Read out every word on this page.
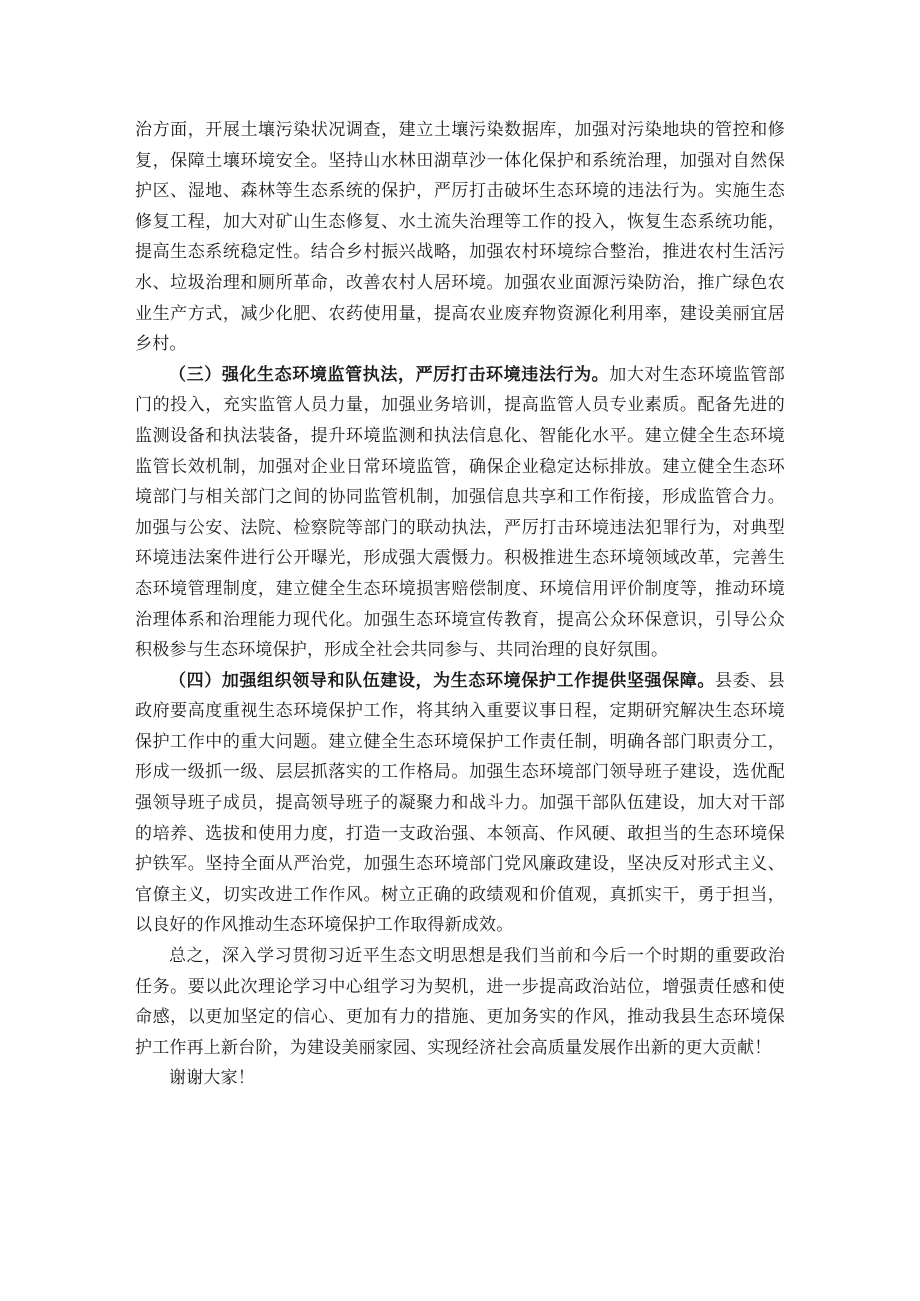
治方面，开展土壤污染状况调查，建立土壤污染数据库，加强对污染地块的管控和修复，保障土壤环境安全。坚持山水林田湖草沙一体化保护和系统治理，加强对自然保护区、湿地、森林等生态系统的保护，严厉打击破坏生态环境的违法行为。实施生态修复工程，加大对矿山生态修复、水土流失治理等工作的投入，恢复生态系统功能，提高生态系统稳定性。结合乡村振兴战略，加强农村环境综合整治，推进农村生活污水、垃圾治理和厕所革命，改善农村人居环境。加强农业面源污染防治，推广绿色农业生产方式，减少化肥、农药使用量，提高农业废弃物资源化利用率，建设美丽宜居乡村。

（三）强化生态环境监管执法，严厉打击环境违法行为。加大对生态环境监管部门的投入，充实监管人员力量，加强业务培训，提高监管人员专业素质。配备先进的监测设备和执法装备，提升环境监测和执法信息化、智能化水平。建立健全生态环境监管长效机制，加强对企业日常环境监管，确保企业稳定达标排放。建立健全生态环境部门与相关部门之间的协同监管机制，加强信息共享和工作衔接，形成监管合力。加强与公安、法院、检察院等部门的联动执法，严厉打击环境违法犯罪行为，对典型环境违法案件进行公开曝光，形成强大震慑力。积极推进生态环境领域改革，完善生态环境管理制度，建立健全生态环境损害赔偿制度、环境信用评价制度等，推动环境治理体系和治理能力现代化。加强生态环境宣传教育，提高公众环保意识，引导公众积极参与生态环境保护，形成全社会共同参与、共同治理的良好氛围。

（四）加强组织领导和队伍建设，为生态环境保护工作提供坚强保障。县委、县政府要高度重视生态环境保护工作，将其纳入重要议事日程，定期研究解决生态环境保护工作中的重大问题。建立健全生态环境保护工作责任制，明确各部门职责分工，形成一级抓一级、层层抓落实的工作格局。加强生态环境部门领导班子建设，选优配强领导班子成员，提高领导班子的凝聚力和战斗力。加强干部队伍建设，加大对干部的培养、选拔和使用力度，打造一支政治强、本领高、作风硬、敢担当的生态环境保护铁军。坚持全面从严治党，加强生态环境部门党风廉政建设，坚决反对形式主义、官僚主义，切实改进工作作风。树立正确的政绩观和价值观，真抓实干，勇于担当，以良好的作风推动生态环境保护工作取得新成效。

总之，深入学习贯彻习近平生态文明思想是我们当前和今后一个时期的重要政治任务。要以此次理论学习中心组学习为契机，进一步提高政治站位，增强责任感和使命感，以更加坚定的信心、更加有力的措施、更加务实的作风，推动我县生态环境保护工作再上新台阶，为建设美丽家园、实现经济社会高质量发展作出新的更大贡献！

谢谢大家！
